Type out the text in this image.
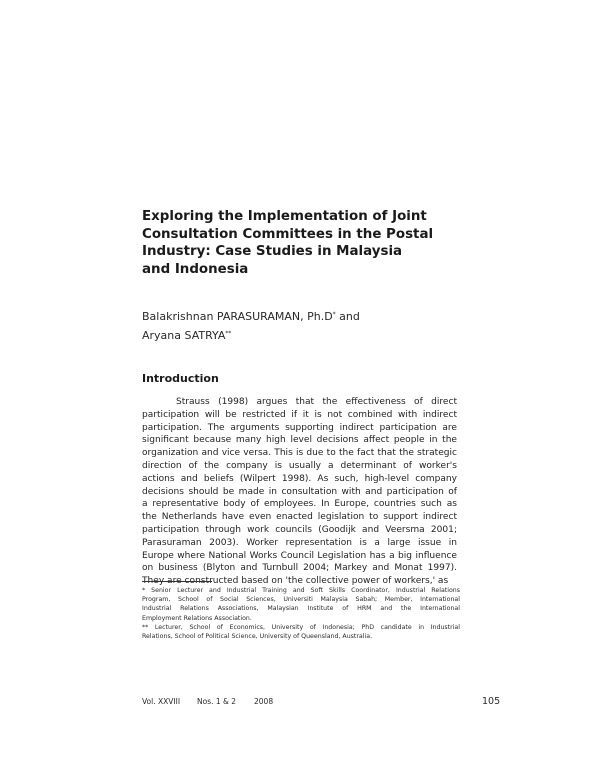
Exploring the Implementation of Joint
Consultation Committees in the Postal
Industry: Case Studies in Malaysia
and Indonesia
Balakrishnan PARASURAMAN, Ph.D* and
Aryana SATRYA**
Introduction
Strauss (1998) argues that the effectiveness of direct
participation will be restricted if it is not combined with indirect
participation. The arguments supporting indirect participation are
significant because many high level decisions affect people in the
organization and vice versa. This is due to the fact that the strategic
direction of the company is usually a determinant of worker's
actions and beliefs (Wilpert 1998). As such, high-level company
decisions should be made in consultation with and participation of
a representative body of employees. In Europe, countries such as
the Netherlands have even enacted legislation to support indirect
participation through work councils (Goodijk and Veersma 2001;
Parasuraman 2003). Worker representation is a large issue in
Europe where National Works Council Legislation has a big influence
on business (Blyton and Turnbull 2004; Markey and Monat 1997).
They are constructed based on 'the collective power of workers,' as
* Senior Lecturer and Industrial Training and Soft Skills Coordinator, Industrial Relations
Program, School of Social Sciences, Universiti Malaysia Sabah; Member, International
Industrial Relations Associations, Malaysian Institute of HRM and the International
Employment Relations Association.
** Lecturer, School of Economics, University of Indonesia; PhD candidate in Industrial
Relations, School of Political Science, University of Queensland, Australia.
Vol. XXVIII Nos. 1 & 2 2008	105
